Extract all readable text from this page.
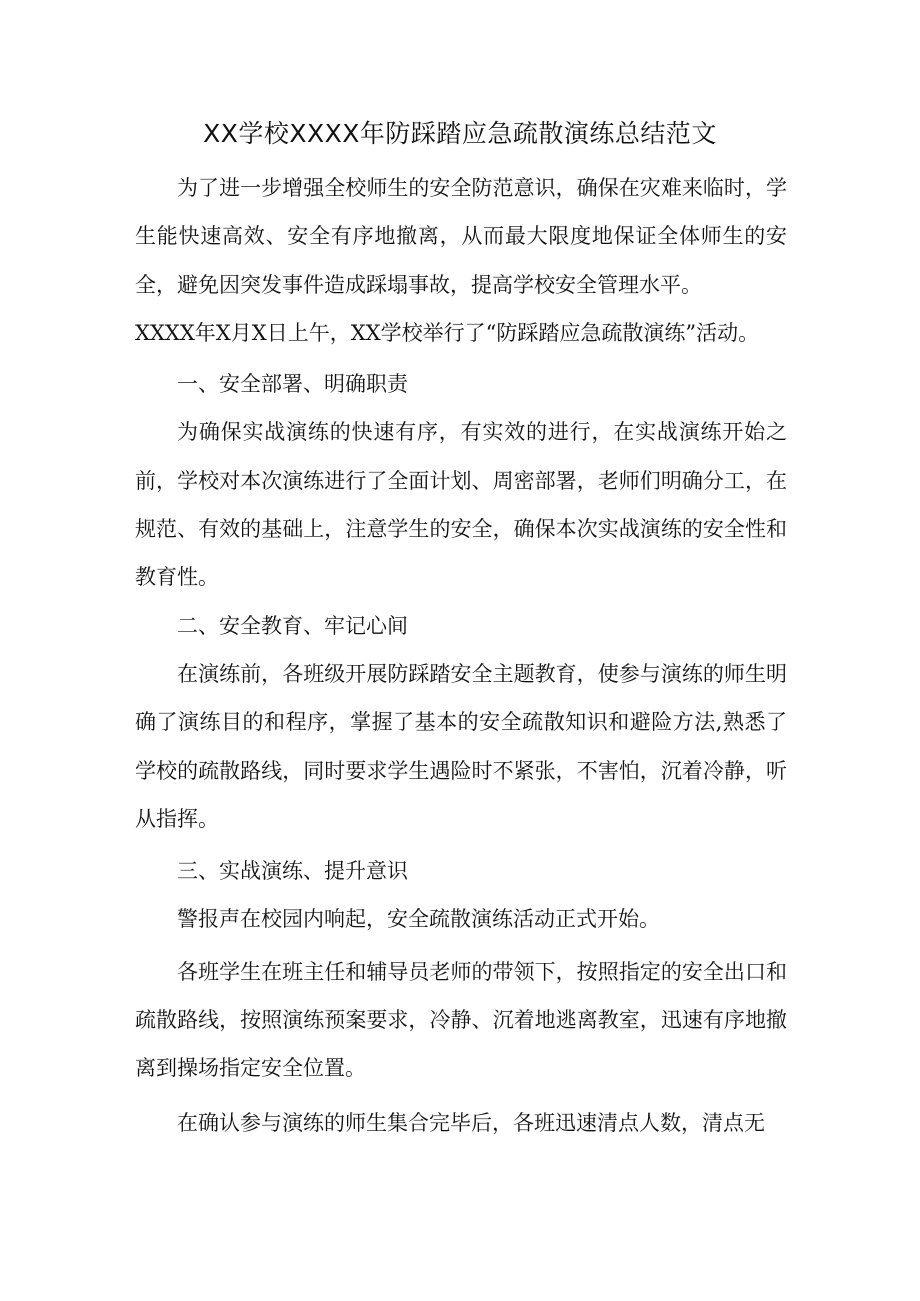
XX学校XXXX年防踩踏应急疏散演练总结范文

为了进一步增强全校师生的安全防范意识，确保在灾难来临时，学生能快速高效、安全有序地撤离，从而最大限度地保证全体师生的安全，避免因突发事件造成踩塌事故，提高学校安全管理水平。

XXXX年X月X日上午，XX学校举行了“防踩踏应急疏散演练”活动。

一、安全部署、明确职责

为确保实战演练的快速有序，有实效的进行，在实战演练开始之前，学校对本次演练进行了全面计划、周密部署，老师们明确分工，在规范、有效的基础上，注意学生的安全，确保本次实战演练的安全性和教育性。

二、安全教育、牢记心间

在演练前，各班级开展防踩踏安全主题教育，使参与演练的师生明确了演练目的和程序，掌握了基本的安全疏散知识和避险方法,熟悉了学校的疏散路线，同时要求学生遇险时不紧张，不害怕，沉着冷静，听从指挥。

三、实战演练、提升意识

警报声在校园内响起，安全疏散演练活动正式开始。

各班学生在班主任和辅导员老师的带领下，按照指定的安全出口和疏散路线，按照演练预案要求，冷静、沉着地逃离教室，迅速有序地撤离到操场指定安全位置。

在确认参与演练的师生集合完毕后，各班迅速清点人数，清点无
